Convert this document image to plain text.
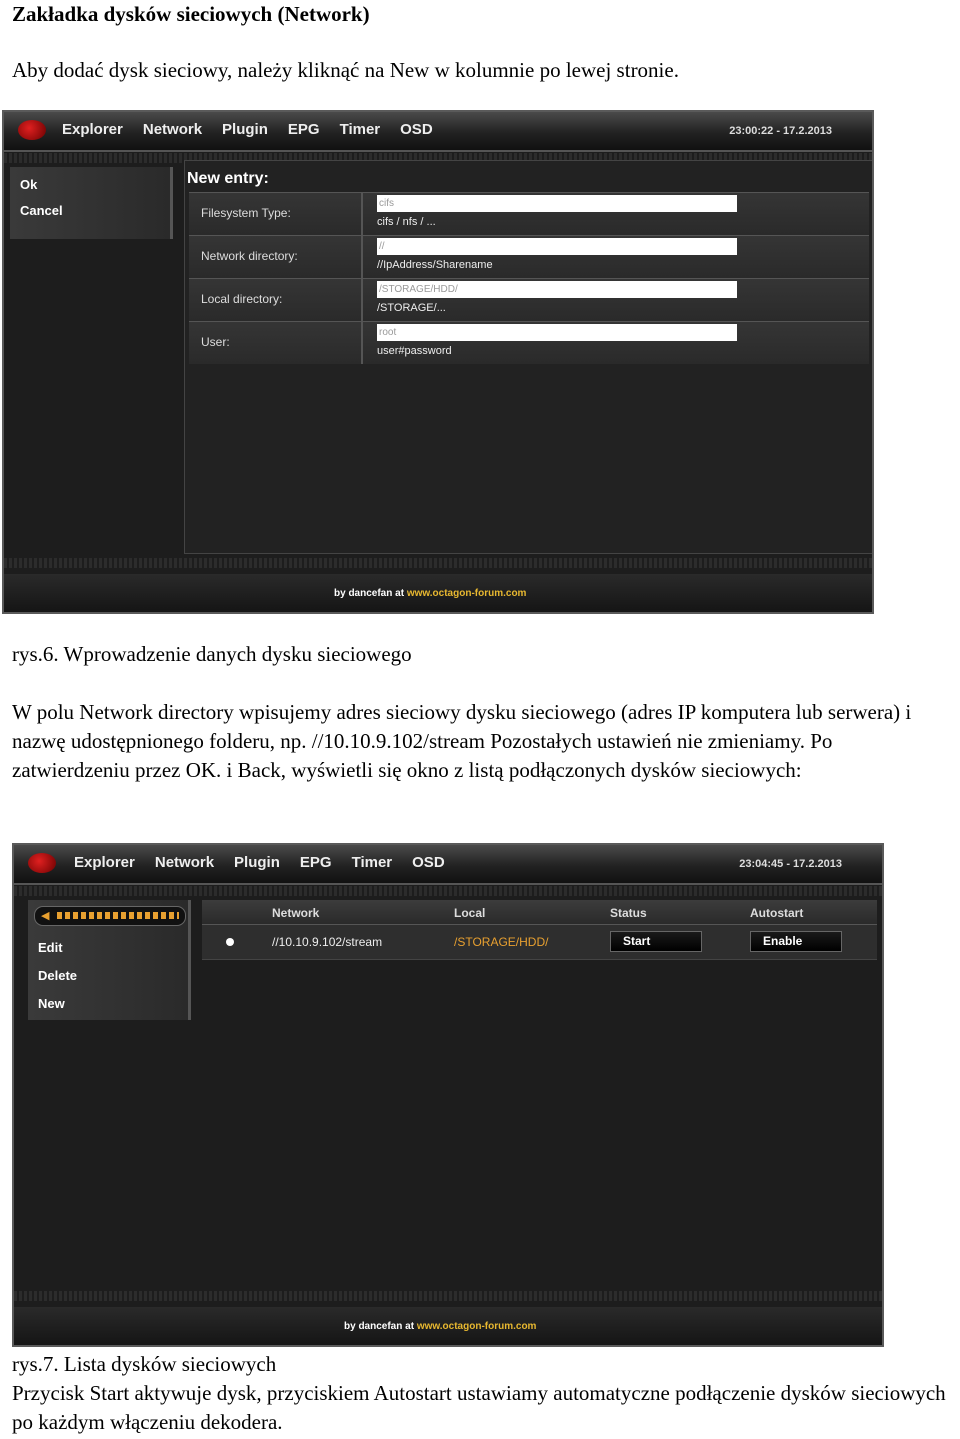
Zakładka dysków sieciowych (Network)
Aby dodać dysk sieciowy, należy kliknąć na New w kolumnie po lewej stronie.
Explorer Network Plugin EPG Timer OSD	23:00:22 - 17.2.2013
Ok
Cancel
New entry:
Filesystem Type:
cifs
cifs / nfs / ...
Network directory:
//
//IpAddress/Sharename
Local directory:
/STORAGE/HDD/
/STORAGE/...
User:
root
user#password
by dancefan at www.octagon-forum.com
rys.6. Wprowadzenie danych dysku sieciowego
W polu Network directory wpisujemy adres sieciowy dysku sieciowego (adres IP komputera lub serwera) i nazwę udostępnionego folderu, np. //10.10.9.102/stream Pozostałych ustawień nie zmieniamy. Po zatwierdzeniu przez OK. i Back, wyświetli się okno z listą podłączonych dysków sieciowych:
Explorer Network Plugin EPG Timer OSD	23:04:45 - 17.2.2013
◀
Edit
Delete
New
Network	Local	Status	Autostart
//10.10.9.102/stream	/STORAGE/HDD/	Start	Enable
by dancefan at www.octagon-forum.com
rys.7. Lista dysków sieciowych
Przycisk Start aktywuje dysk, przyciskiem Autostart ustawiamy automatyczne podłączenie dysków sieciowych po każdym włączeniu dekodera.
